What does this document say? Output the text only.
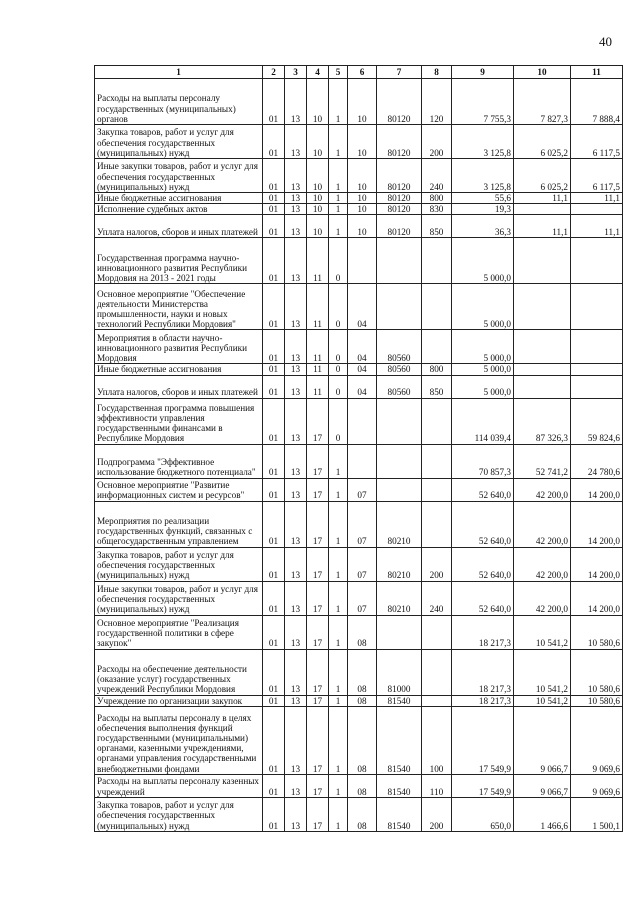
40
1	2	3	4	5	6	7	8	9	10	11
Расходы на выплаты персоналу государственных (муниципальных) органов	01	13	10	1	10	80120	120	7 755,3	7 827,3	7 888,4
Закупка товаров, работ и услуг для обеспечения государственных (муниципальных) нужд	01	13	10	1	10	80120	200	3 125,8	6 025,2	6 117,5
Иные закупки товаров, работ и услуг для обеспечения государственных (муниципальных) нужд	01	13	10	1	10	80120	240	3 125,8	6 025,2	6 117,5
Иные бюджетные ассигнования	01	13	10	1	10	80120	800	55,6	11,1	11,1
Исполнение судебных актов	01	13	10	1	10	80120	830	19,3		
Уплата налогов, сборов и иных платежей	01	13	10	1	10	80120	850	36,3	11,1	11,1
Государственная программа научно-инновационного развития Республики Мордовия на 2013 - 2021 годы	01	13	11	0				5 000,0		
Основное мероприятие "Обеспечение деятельности Министерства промышленности, науки и новых технологий Республики Мордовия"	01	13	11	0	04			5 000,0		
Мероприятия в области научно-инновационного развития Республики Мордовия	01	13	11	0	04	80560		5 000,0		
Иные бюджетные ассигнования	01	13	11	0	04	80560	800	5 000,0		
Уплата налогов, сборов и иных платежей	01	13	11	0	04	80560	850	5 000,0		
Государственная программа повышения эффективности управления государственными финансами в Республике Мордовия	01	13	17	0				114 039,4	87 326,3	59 824,6
Подпрограмма "Эффективное использование бюджетного потенциала"	01	13	17	1				70 857,3	52 741,2	24 780,6
Основное мероприятие "Развитие информационных систем и ресурсов"	01	13	17	1	07			52 640,0	42 200,0	14 200,0
Мероприятия по реализации государственных функций, связанных с общегосударственным управлением	01	13	17	1	07	80210		52 640,0	42 200,0	14 200,0
Закупка товаров, работ и услуг для обеспечения государственных (муниципальных) нужд	01	13	17	1	07	80210	200	52 640,0	42 200,0	14 200,0
Иные закупки товаров, работ и услуг для обеспечения государственных (муниципальных) нужд	01	13	17	1	07	80210	240	52 640,0	42 200,0	14 200,0
Основное мероприятие "Реализация государственной политики в сфере закупок"	01	13	17	1	08			18 217,3	10 541,2	10 580,6
Расходы на обеспечение деятельности (оказание услуг) государственных учреждений Республики Мордовия	01	13	17	1	08	81000		18 217,3	10 541,2	10 580,6
Учреждение по организации закупок	01	13	17	1	08	81540		18 217,3	10 541,2	10 580,6
Расходы на выплаты персоналу в целях обеспечения выполнения функций государственными (муниципальными) органами, казенными учреждениями, органами управления государственными внебюджетными фондами	01	13	17	1	08	81540	100	17 549,9	9 066,7	9 069,6
Расходы на выплаты персоналу казенных учреждений	01	13	17	1	08	81540	110	17 549,9	9 066,7	9 069,6
Закупка товаров, работ и услуг для обеспечения государственных (муниципальных) нужд	01	13	17	1	08	81540	200	650,0	1 466,6	1 500,1
